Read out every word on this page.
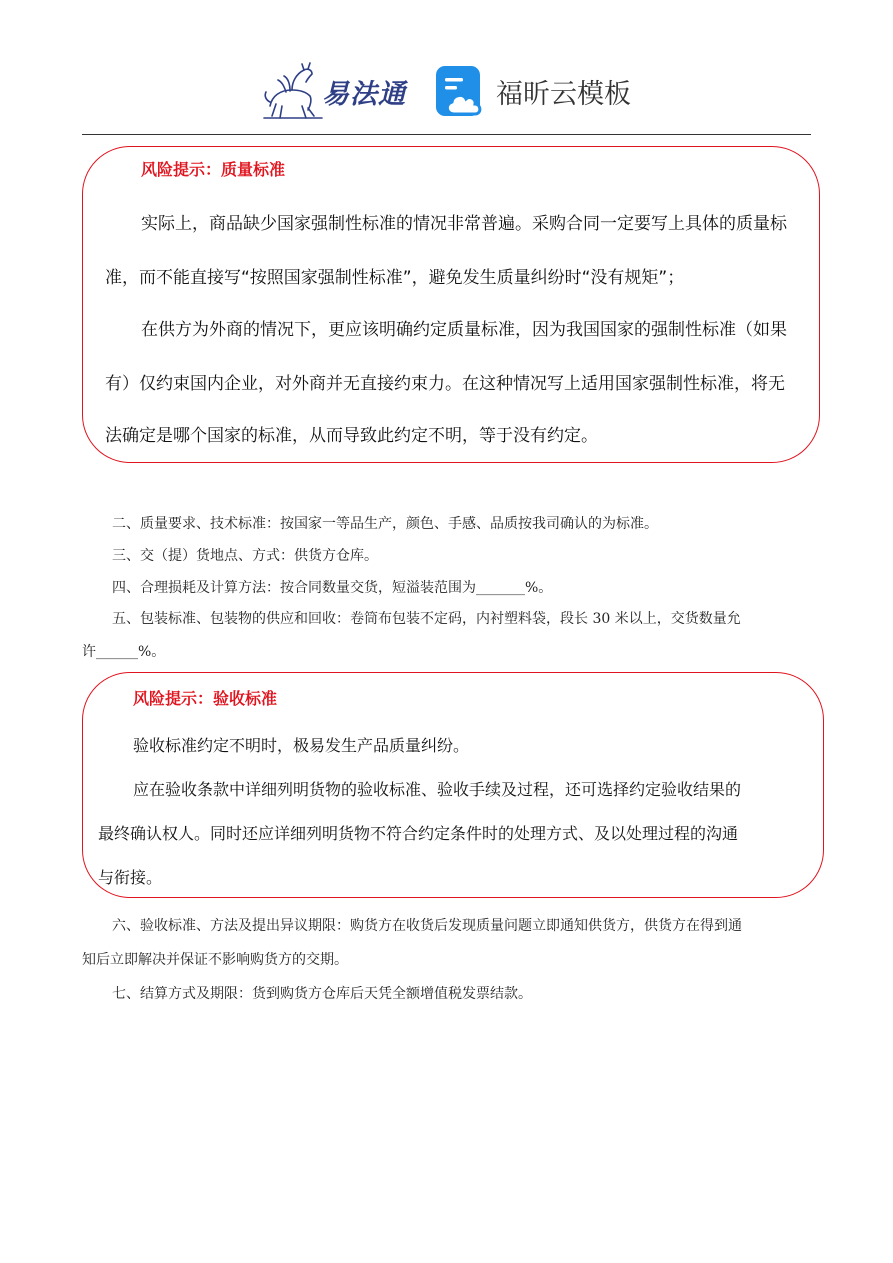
易法通	福昕云模板
风险提示：质量标准
实际上，商品缺少国家强制性标准的情况非常普遍。采购合同一定要写上具体的质量标
准，而不能直接写“按照国家强制性标准”，避免发生质量纠纷时“没有规矩”；
在供方为外商的情况下，更应该明确约定质量标准，因为我国国家的强制性标准（如果
有）仅约束国内企业，对外商并无直接约束力。在这种情况写上适用国家强制性标准，将无
法确定是哪个国家的标准，从而导致此约定不明，等于没有约定。
二、质量要求、技术标准：按国家一等品生产，颜色、手感、品质按我司确认的为标准。
三、交（提）货地点、方式：供货方仓库。
四、合理损耗及计算方法：按合同数量交货，短溢装范围为_______%。
五、包装标准、包装物的供应和回收：卷筒布包装不定码，内衬塑料袋，段长 30 米以上，交货数量允
许______%。
风险提示：验收标准
验收标准约定不明时，极易发生产品质量纠纷。
应在验收条款中详细列明货物的验收标准、验收手续及过程，还可选择约定验收结果的
最终确认权人。同时还应详细列明货物不符合约定条件时的处理方式、及以处理过程的沟通
与衔接。
六、验收标准、方法及提出异议期限：购货方在收货后发现质量问题立即通知供货方，供货方在得到通
知后立即解决并保证不影响购货方的交期。
七、结算方式及期限：货到购货方仓库后天凭全额增值税发票结款。
